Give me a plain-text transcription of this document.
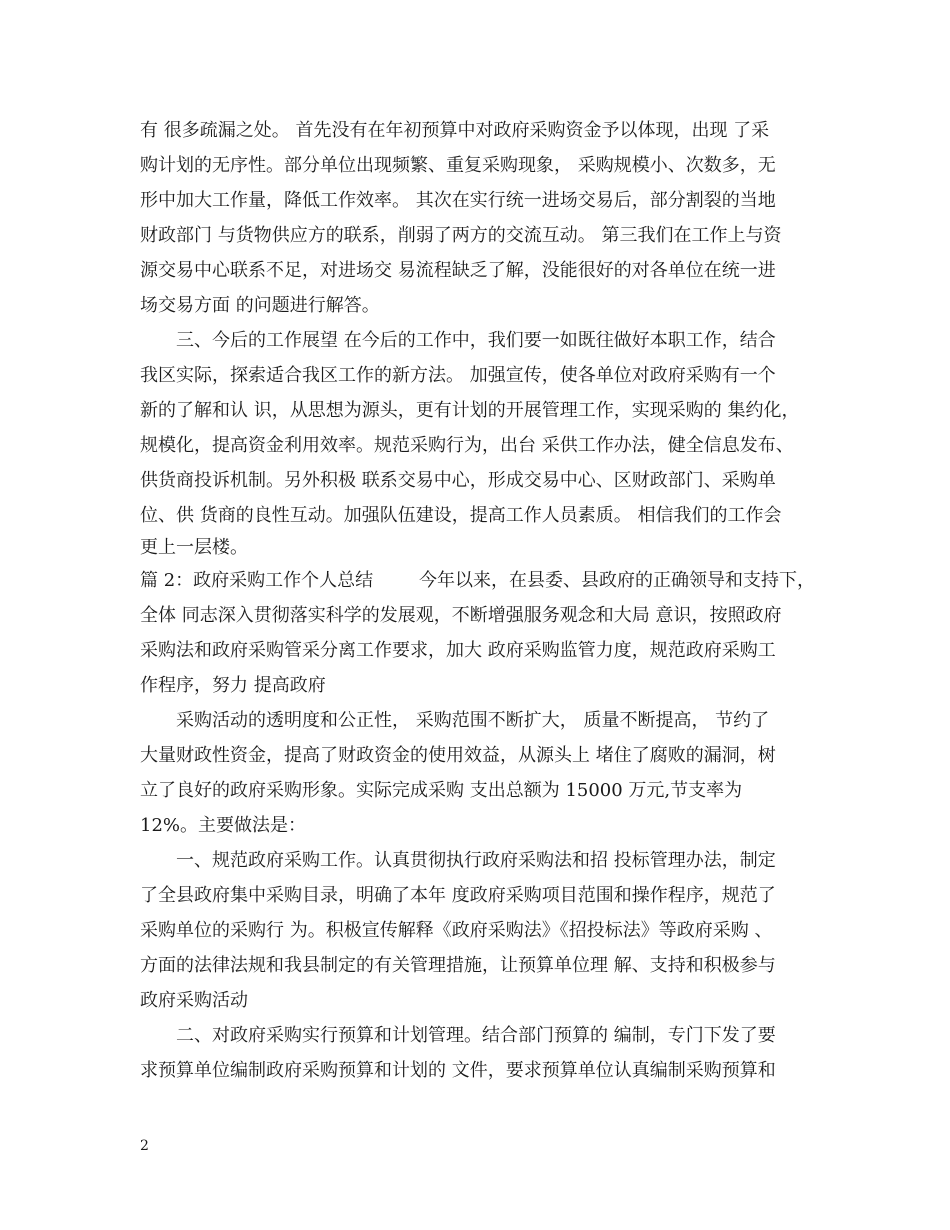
有 很多疏漏之处。 首先没有在年初预算中对政府采购资金予以体现，出现 了采
购计划的无序性。部分单位出现频繁、重复采购现象， 采购规模小、次数多，无
形中加大工作量，降低工作效率。 其次在实行统一进场交易后，部分割裂的当地
财政部门 与货物供应方的联系，削弱了两方的交流互动。 第三我们在工作上与资
源交易中心联系不足，对进场交 易流程缺乏了解，没能很好的对各单位在统一进
场交易方面 的问题进行解答。
三、今后的工作展望 在今后的工作中，我们要一如既往做好本职工作，结合
我区实际，探索适合我区工作的新方法。 加强宣传，使各单位对政府采购有一个
新的了解和认 识，从思想为源头，更有计划的开展管理工作，实现采购的 集约化，
规模化，提高资金利用效率。规范采购行为，出台 采供工作办法，健全信息发布、
供货商投诉机制。另外积极 联系交易中心，形成交易中心、区财政部门、采购单
位、供 货商的良性互动。加强队伍建设，提高工作人员素质。 相信我们的工作会
更上一层楼。
篇 2：政府采购工作个人总结        今年以来，在县委、县政府的正确领导和支持下，
全体 同志深入贯彻落实科学的发展观，不断增强服务观念和大局 意识，按照政府
采购法和政府采购管采分离工作要求，加大 政府采购监管力度，规范政府采购工
作程序，努力 提高政府
采购活动的透明度和公正性， 采购范围不断扩大， 质量不断提高， 节约了
大量财政性资金，提高了财政资金的使用效益，从源头上 堵住了腐败的漏洞，树
立了良好的政府采购形象。实际完成采购 支出总额为 15000 万元,节支率为
12%。主要做法是：
一、规范政府采购工作。认真贯彻执行政府采购法和招 投标管理办法，制定
了全县政府集中采购目录，明确了本年 度政府采购项目范围和操作程序，规范了
采购单位的采购行 为。积极宣传解释《政府采购法》《招投标法》等政府采购 、
方面的法律法规和我县制定的有关管理措施，让预算单位理 解、支持和积极参与
政府采购活动
二、对政府采购实行预算和计划管理。结合部门预算的 编制，专门下发了要
求预算单位编制政府采购预算和计划的 文件，要求预算单位认真编制采购预算和
2
